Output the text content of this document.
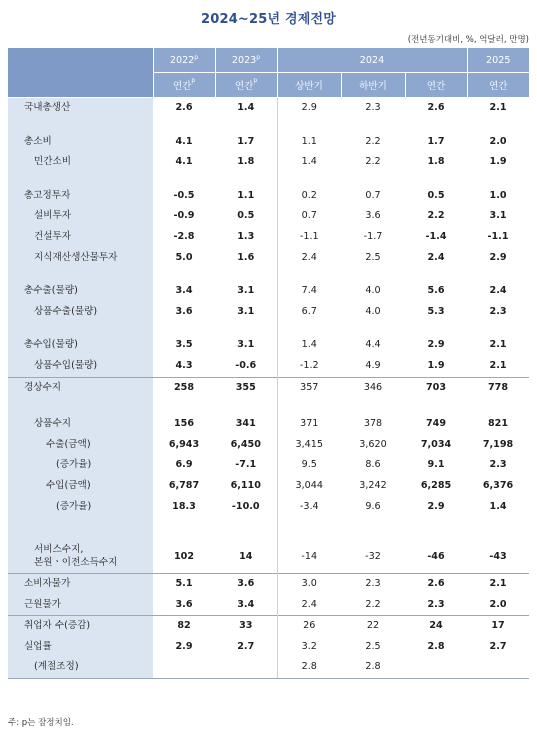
2024~25년 경제전망
(전년동기대비, %, 억달러, 만명)
	2022$^p$	2023$^p$	2024			2025
	연간$^p$	연간$^p$	상반기	하반기	연간	연간
국내총생산	2.6	1.4	2.9	2.3	2.6	2.1

총소비	4.1	1.7	1.1	2.2	1.7	2.0
민간소비	4.1	1.8	1.4	2.2	1.8	1.9

총고정투자	-0.5	1.1	0.2	0.7	0.5	1.0
설비투자	-0.9	0.5	0.7	3.6	2.2	3.1
건설투자	-2.8	1.3	-1.1	-1.7	-1.4	-1.1
지식재산생산물투자	5.0	1.6	2.4	2.5	2.4	2.9

총수출(물량)	3.4	3.1	7.4	4.0	5.6	2.4
상품수출(물량)	3.6	3.1	6.7	4.0	5.3	2.3

총수입(물량)	3.5	3.1	1.4	4.4	2.9	2.1
상품수입(물량)	4.3	-0.6	-1.2	4.9	1.9	2.1
경상수지	258	355	357	346	703	778

상품수지	156	341	371	378	749	821
수출(금액)	6,943	6,450	3,415	3,620	7,034	7,198
(증가율)	6.9	-7.1	9.5	8.6	9.1	2.3
수입(금액)	6,787	6,110	3,044	3,242	6,285	6,376
(증가율)	18.3	-10.0	-3.4	9.6	2.9	1.4

서비스수지,
본원ㆍ이전소득수지	102	14	-14	-32	-46	-43
소비자물가	5.1	3.6	3.0	2.3	2.6	2.1
근원물가	3.6	3.4	2.4	2.2	2.3	2.0
취업자 수(증감)	82	33	26	22	24	17
실업률	2.9	2.7	3.2	2.5	2.8	2.7
(계절조정)			2.8	2.8		
주: p는 잠정치임.
